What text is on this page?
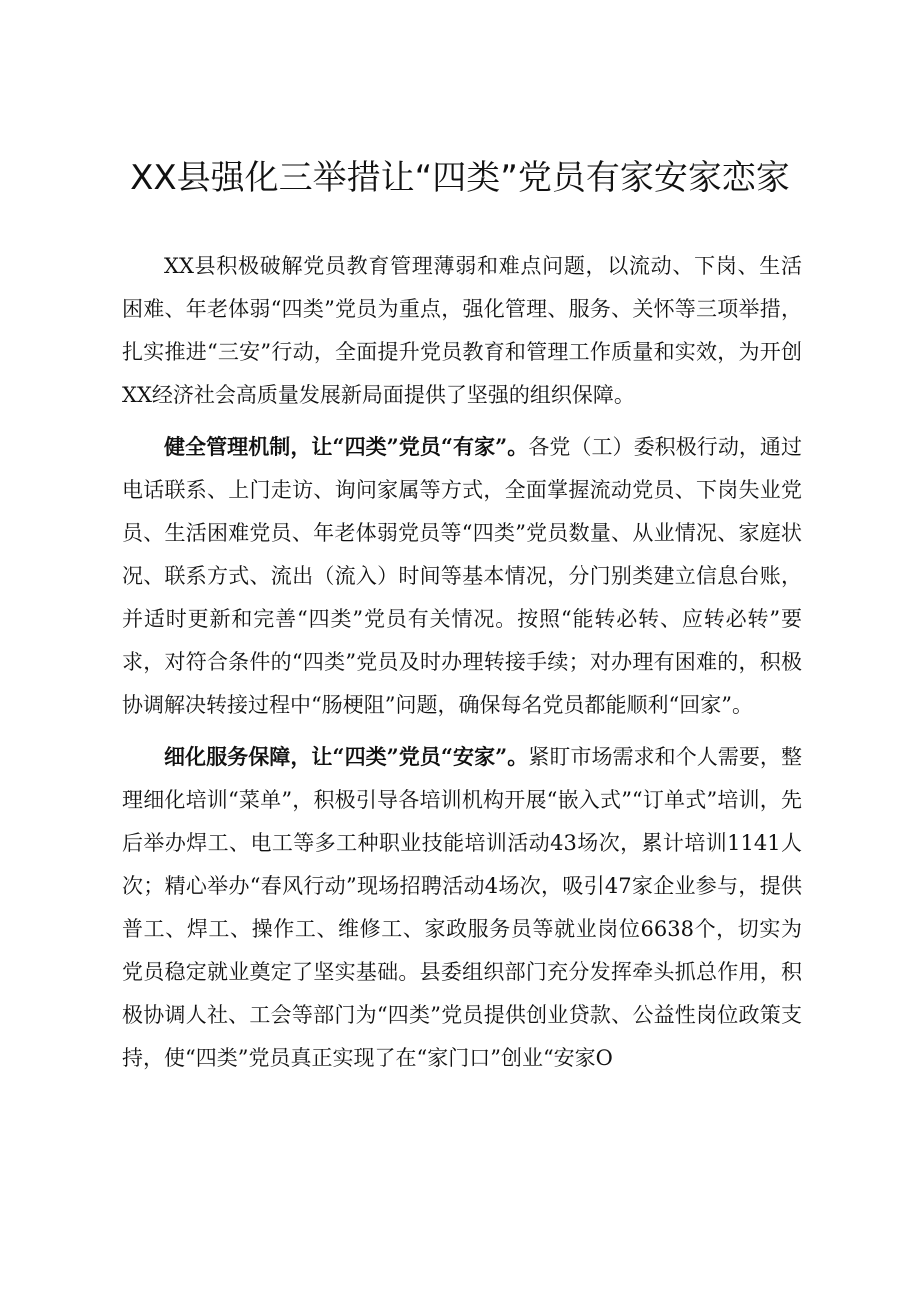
XX县强化三举措让“四类”党员有家安家恋家

XX县积极破解党员教育管理薄弱和难点问题，以流动、下岗、生活困难、年老体弱“四类”党员为重点，强化管理、服务、关怀等三项举措，扎实推进“三安”行动，全面提升党员教育和管理工作质量和实效，为开创XX经济社会高质量发展新局面提供了坚强的组织保障。

健全管理机制，让“四类”党员“有家”。各党（工）委积极行动，通过电话联系、上门走访、询问家属等方式，全面掌握流动党员、下岗失业党员、生活困难党员、年老体弱党员等“四类”党员数量、从业情况、家庭状况、联系方式、流出（流入）时间等基本情况，分门别类建立信息台账，并适时更新和完善“四类”党员有关情况。按照“能转必转、应转必转”要求，对符合条件的“四类”党员及时办理转接手续；对办理有困难的，积极协调解决转接过程中“肠梗阻”问题，确保每名党员都能顺利“回家”。

细化服务保障，让“四类”党员“安家”。紧盯市场需求和个人需要，整理细化培训“菜单”，积极引导各培训机构开展“嵌入式”“订单式”培训，先后举办焊工、电工等多工种职业技能培训活动43场次，累计培训1141人次；精心举办“春风行动”现场招聘活动4场次，吸引47家企业参与，提供普工、焊工、操作工、维修工、家政服务员等就业岗位6638个，切实为党员稳定就业奠定了坚实基础。县委组织部门充分发挥牵头抓总作用，积极协调人社、工会等部门为“四类”党员提供创业贷款、公益性岗位政策支持，使“四类”党员真正实现了在“家门口”创业“安家O
